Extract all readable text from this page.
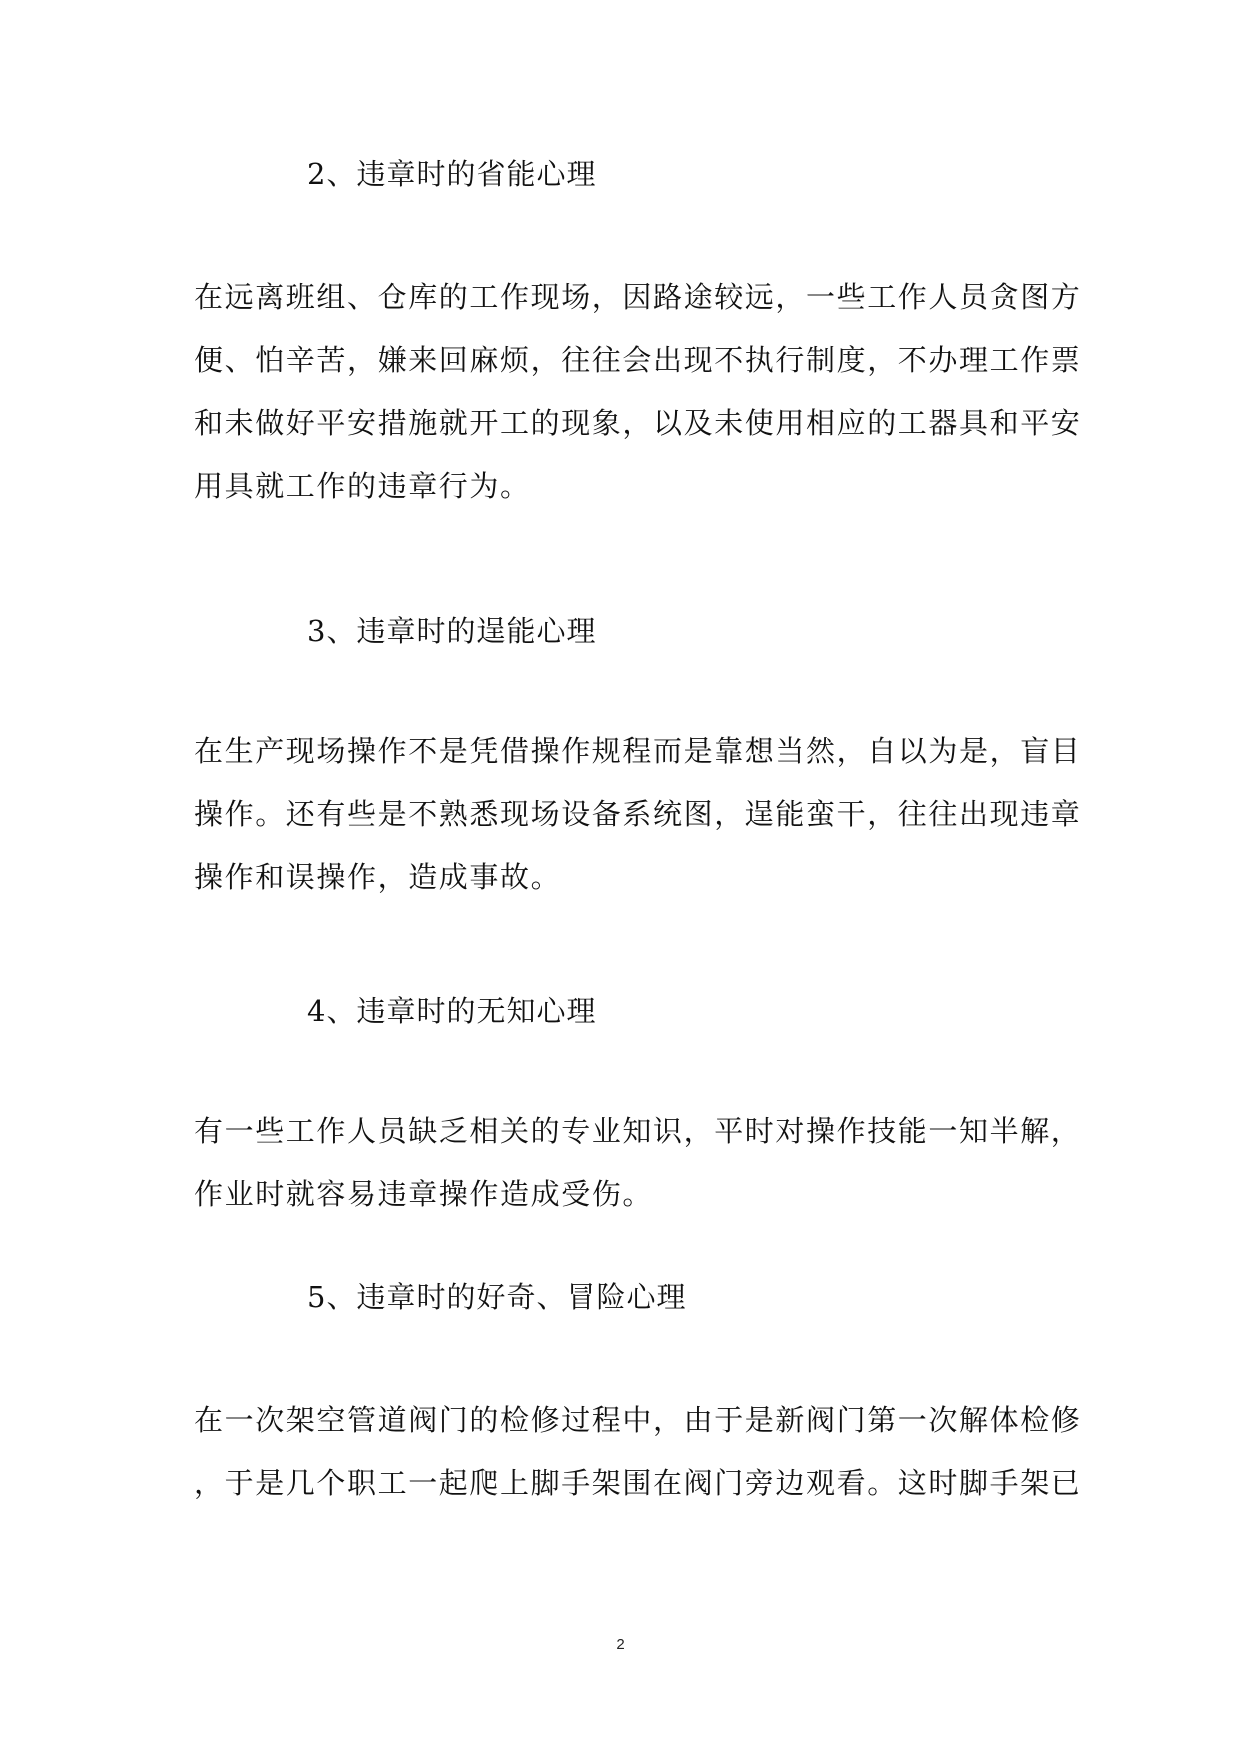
2、违章时的省能心理
在远离班组、仓库的工作现场，因路途较远，一些工作人员贪图方
便、怕辛苦，嫌来回麻烦，往往会出现不执行制度，不办理工作票
和未做好平安措施就开工的现象，以及未使用相应的工器具和平安
用具就工作的违章行为。
3、违章时的逞能心理
在生产现场操作不是凭借操作规程而是靠想当然，自以为是，盲目
操作。还有些是不熟悉现场设备系统图，逞能蛮干，往往出现违章
操作和误操作，造成事故。
4、违章时的无知心理
有一些工作人员缺乏相关的专业知识，平时对操作技能一知半解，
作业时就容易违章操作造成受伤。
5、违章时的好奇、冒险心理
在一次架空管道阀门的检修过程中，由于是新阀门第一次解体检修
，于是几个职工一起爬上脚手架围在阀门旁边观看。这时脚手架已
2
